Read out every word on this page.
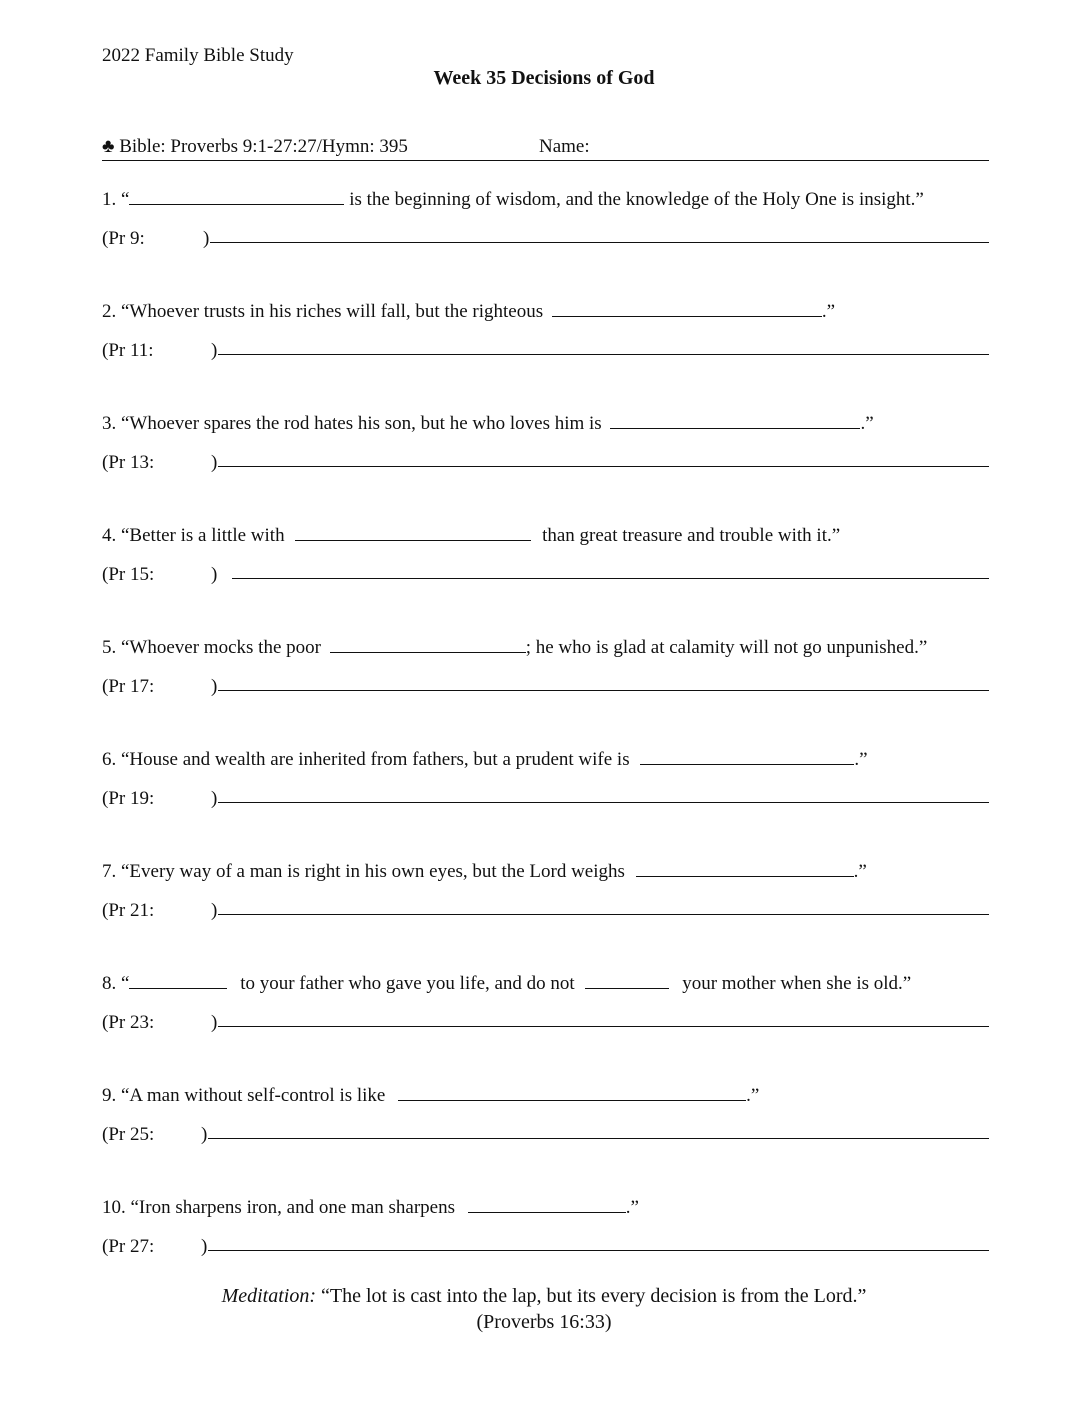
2022 Family Bible Study
Week 35 Decisions of God
♣ Bible: Proverbs 9:1-27:27/Hymn: 395	Name:
1. “	is the beginning of wisdom, and the knowledge of the Holy One is insight.”
(Pr 9:	)
2. “Whoever trusts in his riches will fall, but the righteous	.”
(Pr 11:	)
3. “Whoever spares the rod hates his son, but he who loves him is	.”
(Pr 13:	)
4. “Better is a little with	than great treasure and trouble with it.”
(Pr 15:	)
5. “Whoever mocks the poor	; he who is glad at calamity will not go unpunished.”
(Pr 17:	)
6. “House and wealth are inherited from fathers, but a prudent wife is	.”
(Pr 19:	)
7. “Every way of a man is right in his own eyes, but the Lord weighs	.”
(Pr 21:	)
8. “	to your father who gave you life, and do not	your mother when she is old.”
(Pr 23:	)
9. “A man without self-control is like	.”
(Pr 25: )
10. “Iron sharpens iron, and one man sharpens	.”
(Pr 27: )
Meditation: “The lot is cast into the lap, but its every decision is from the Lord.”
(Proverbs 16:33)
